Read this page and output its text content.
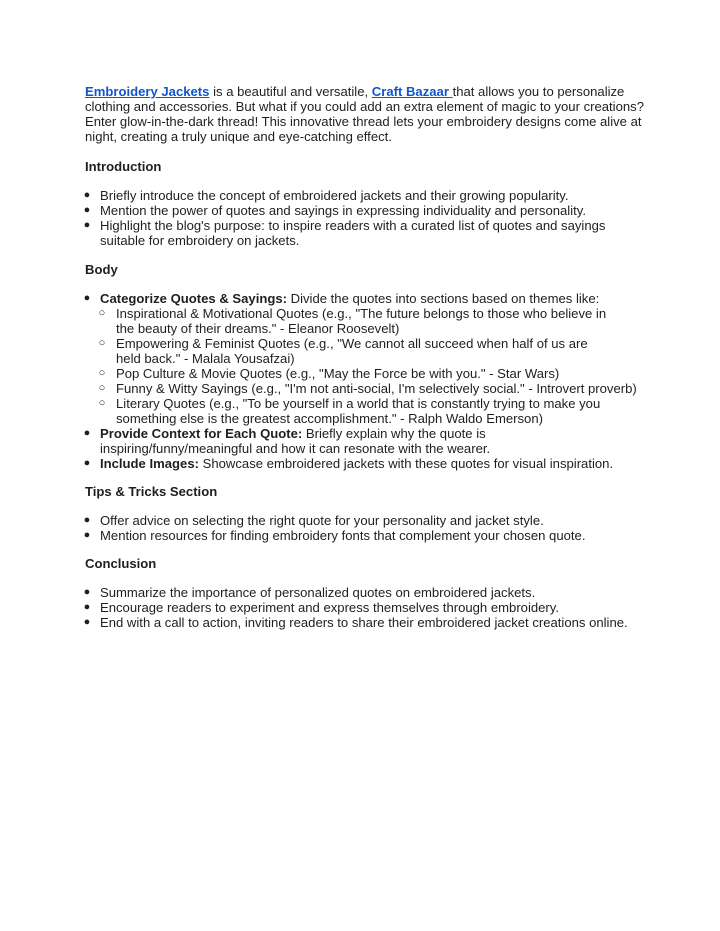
Embroidery Jackets is a beautiful and versatile, Craft Bazaar that allows you to personalize clothing and accessories. But what if you could add an extra element of magic to your creations? Enter glow-in-the-dark thread! This innovative thread lets your embroidery designs come alive at night, creating a truly unique and eye-catching effect.

Introduction
● Briefly introduce the concept of embroidered jackets and their growing popularity.
● Mention the power of quotes and sayings in expressing individuality and personality.
● Highlight the blog's purpose: to inspire readers with a curated list of quotes and sayings suitable for embroidery on jackets.
Body
● Categorize Quotes & Sayings: Divide the quotes into sections based on themes like:
○ Inspirational & Motivational Quotes (e.g., "The future belongs to those who believe in the beauty of their dreams." - Eleanor Roosevelt)
○ Empowering & Feminist Quotes (e.g., "We cannot all succeed when half of us are held back." - Malala Yousafzai)
○ Pop Culture & Movie Quotes (e.g., "May the Force be with you." - Star Wars)
○ Funny & Witty Sayings (e.g., "I'm not anti-social, I'm selectively social." - Introvert proverb)
○ Literary Quotes (e.g., "To be yourself in a world that is constantly trying to make you something else is the greatest accomplishment." - Ralph Waldo Emerson)
● Provide Context for Each Quote: Briefly explain why the quote is inspiring/funny/meaningful and how it can resonate with the wearer.
● Include Images: Showcase embroidered jackets with these quotes for visual inspiration.
Tips & Tricks Section
● Offer advice on selecting the right quote for your personality and jacket style.
● Mention resources for finding embroidery fonts that complement your chosen quote.
Conclusion
● Summarize the importance of personalized quotes on embroidered jackets.
● Encourage readers to experiment and express themselves through embroidery.
● End with a call to action, inviting readers to share their embroidered jacket creations online.
